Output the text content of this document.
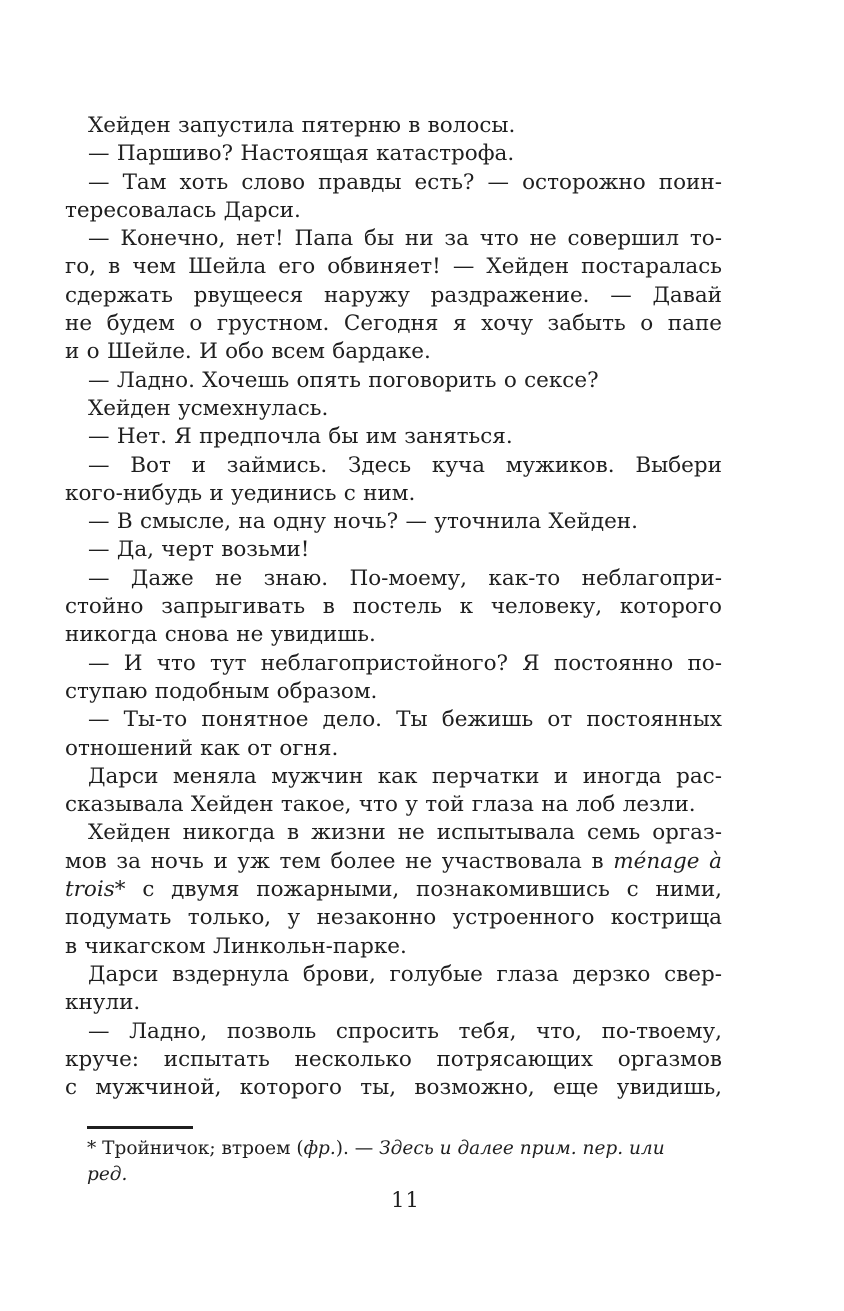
Хейден запустила пятерню в волосы.
— Паршиво? Настоящая катастрофа.
— Там хоть слово правды есть? — осторожно поин-
тересовалась Дарси.
— Конечно, нет! Папа бы ни за что не совершил то-
го, в чем Шейла его обвиняет! — Хейден постаралась
сдержать рвущееся наружу раздражение. — Давай
не будем о грустном. Сегодня я хочу забыть о папе
и о Шейле. И обо всем бардаке.
— Ладно. Хочешь опять поговорить о сексе?
Хейден усмехнулась.
— Нет. Я предпочла бы им заняться.
— Вот и займись. Здесь куча мужиков. Выбери
кого-нибудь и уединись с ним.
— В смысле, на одну ночь? — уточнила Хейден.
— Да, черт возьми!
— Даже не знаю. По-моему, как-то неблагопри-
стойно запрыгивать в постель к человеку, которого
никогда снова не увидишь.
— И что тут неблагопристойного? Я постоянно по-
ступаю подобным образом.
— Ты-то понятное дело. Ты бежишь от постоянных
отношений как от огня.
Дарси меняла мужчин как перчатки и иногда рас-
сказывала Хейден такое, что у той глаза на лоб лезли.
Хейден никогда в жизни не испытывала семь оргаз-
мов за ночь и уж тем более не участвовала в ménage à
trois* с двумя пожарными, познакомившись с ними,
подумать только, у незаконно устроенного кострища
в чикагском Линкольн-парке.
Дарси вздернула брови, голубые глаза дерзко свер-
кнули.
— Ладно, позволь спросить тебя, что, по-твоему,
круче: испытать несколько потрясающих оргазмов
с мужчиной, которого ты, возможно, еще увидишь,
* Тройничок; втроем (фр.). — Здесь и далее прим. пер. или ред.
11
